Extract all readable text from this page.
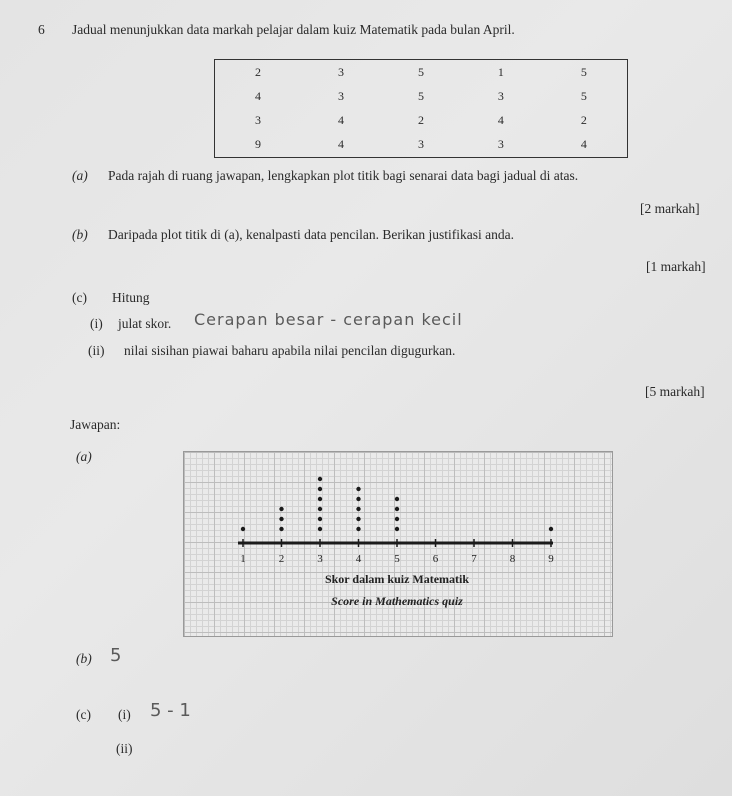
6 Jadual menunjukkan data markah pelajar dalam kuiz Matematik pada bulan April.
2	3	5	1	5
4	3	5	3	5
3	4	2	4	2
9	4	3	3	4
(a) Pada rajah di ruang jawapan, lengkapkan plot titik bagi senarai data bagi jadual di atas.
[2 markah]
(b) Daripada plot titik di (a), kenalpasti data pencilan. Berikan justifikasi anda.
[1 markah]
(c) Hitung
(i) julat skor. Cerapan besar - cerapan kecil
(ii) nilai sisihan piawai baharu apabila nilai pencilan digugurkan.
[5 markah]
Jawapan:
(a)
1	2	3	4	5	6	7	8	9
Skor dalam kuiz Matematik
Score in Mathematics quiz
(b) 5
(c) (i) 5 - 1
(ii)
